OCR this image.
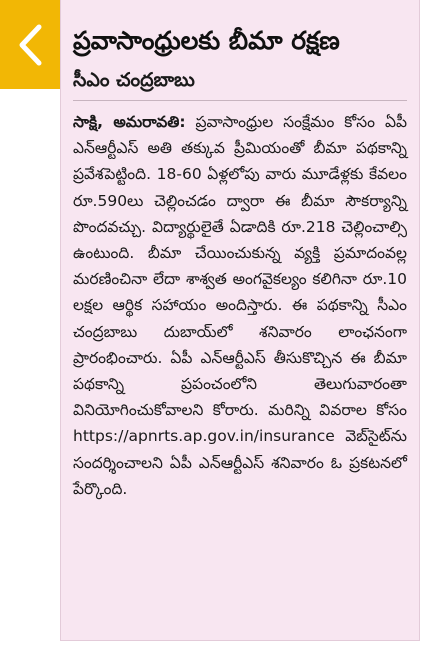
ప్రవాసాంధ్రులకు బీమా రక్షణ
సీఎం చంద్రబాబు

సాక్షి, అమరావతి: ప్రవాసాంధ్రుల సంక్షేమం కోసం ఏపీ ఎన్‌ఆర్టీఎస్ అతి తక్కువ ప్రీమియంతో బీమా పథకాన్ని ప్రవేశపెట్టింది. 18-60 ఏళ్లలోపు వారు మూడేళ్లకు కేవలం రూ.590లు చెల్లించడం ద్వారా ఈ బీమా సౌకర్యాన్ని పొందవచ్చు. విద్యార్థులైతే ఏడాదికి రూ.218 చెల్లించాల్సి ఉంటుంది. బీమా చేయించుకున్న వ్యక్తి ప్రమాదంవల్ల మరణించినా లేదా శాశ్వత అంగవైకల్యం కలిగినా రూ.10 లక్షల ఆర్థిక సహాయం అందిస్తారు. ఈ పథకాన్ని సీఎం చంద్రబాబు దుబాయ్‌లో శనివారం లాంఛనంగా ప్రారంభించారు. ఏపీ ఎన్‌ఆర్టీఎస్ తీసుకొచ్చిన ఈ బీమా పథకాన్ని ప్రపంచంలోని తెలుగువారంతా వినియోగించుకోవాలని కోరారు. మరిన్ని వివరాల కోసం https://apnrts.ap.gov.in/insurance వెబ్‌సైట్‌ను సందర్శించాలని ఏపీ ఎన్‌ఆర్టీఎస్ శనివారం ఓ ప్రకటనలో పేర్కొంది.
